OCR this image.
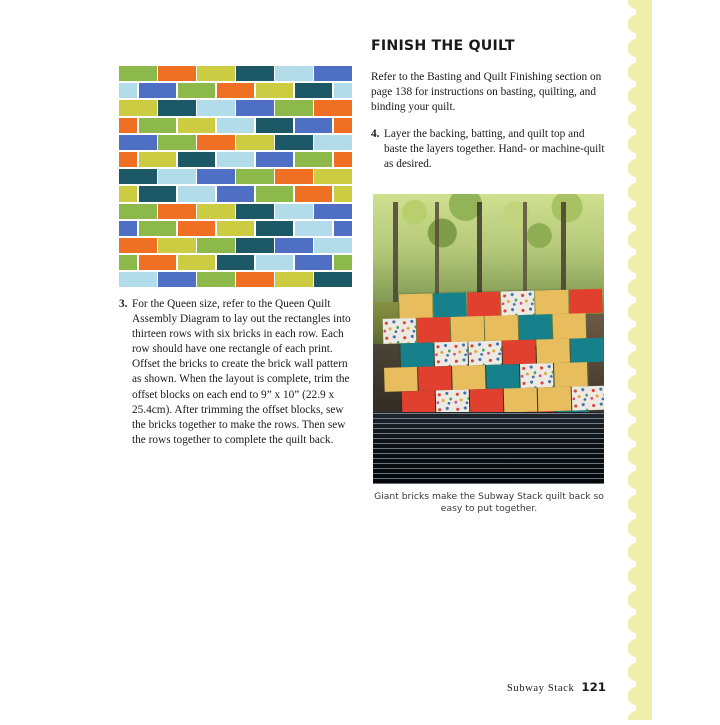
3. For the Queen size, refer to the Queen Quilt Assembly Diagram to lay out the rectangles into thirteen rows with six bricks in each row. Each row should have one rectangle of each print. Offset the bricks to create the brick wall pattern as shown. When the layout is complete, trim the offset blocks on each end to 9” x 10” (22.9 x 25.4cm). After trimming the offset blocks, sew the bricks together to make the rows. Then sew the rows together to complete the quilt back.
FINISH THE QUILT

Refer to the Basting and Quilt Finishing section on page 138 for instructions on basting, quilting, and binding your quilt.

4. Layer the backing, batting, and quilt top and baste the layers together. Hand- or machine-quilt as desired.
Giant bricks make the Subway Stack quilt back so easy to put together.
Subway Stack 121
